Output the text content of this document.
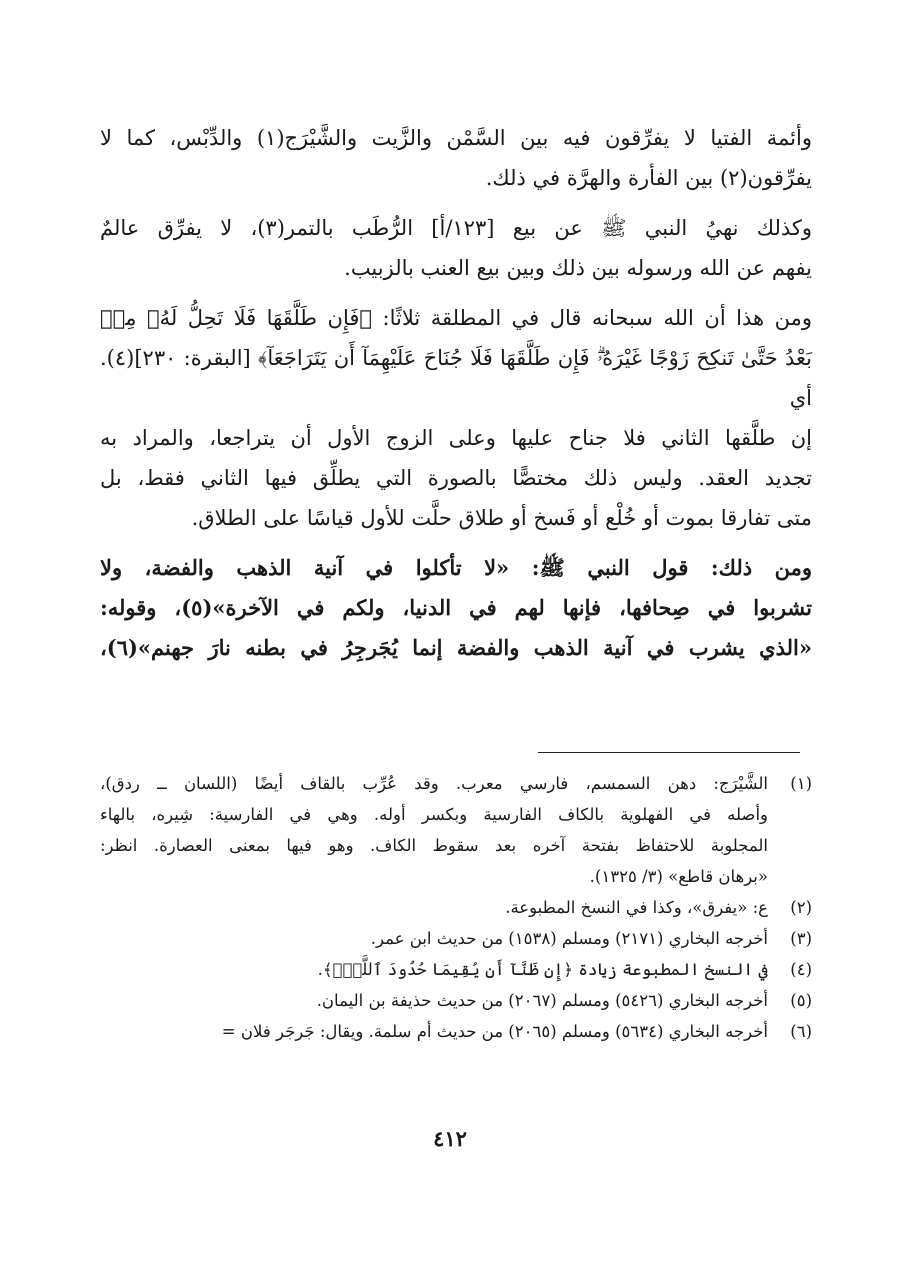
وأئمة الفتيا لا يفرِّقون فيه بين السَّمْن والزَّيت والشَّيْرَج(١) والدِّبْس، كما لا
يفرِّقون(٢) بين الفأرة والهرَّة في ذلك.

وكذلك نهيُ النبي ﷺ عن بيع [١٢٣/أ] الرُّطَب بالتمر(٣)، لا يفرِّق عالمٌ
يفهم عن الله ورسوله بين ذلك وبين بيع العنب بالزبيب.

ومن هذا أن الله سبحانه قال في المطلقة ثلاثًا: ﴿فَإِن طَلَّقَهَا فَلَا تَحِلُّ لَهُۥ مِنۢ
بَعْدُ حَتَّىٰ تَنكِحَ زَوْجًا غَيْرَهُۥۗ فَإِن طَلَّقَهَا فَلَا جُنَاحَ عَلَيْهِمَآ أَن يَتَرَاجَعَآ﴾ [البقرة: ٢٣٠](٤). أي
إن طلَّقها الثاني فلا جناح عليها وعلى الزوج الأول أن يتراجعا، والمراد به
تجديد العقد. وليس ذلك مختصًّا بالصورة التي يطلِّق فيها الثاني فقط، بل
متى تفارقا بموت أو خُلْع أو فَسخ أو طلاق حلَّت للأول قياسًا على الطلاق.

ومن ذلك: قول النبي ﷺ: «لا تأكلوا في آنية الذهب والفضة، ولا
تشربوا في صِحافها، فإنها لهم في الدنيا، ولكم في الآخرة»(٥)، وقوله:
«الذي يشرب في آنية الذهب والفضة إنما يُجَرجِرُ في بطنه نارَ جهنم»(٦)،

(١)
الشَّيْرَج: دهن السمسم، فارسي معرب. وقد عُرِّب بالقاف أيضًا (اللسان ــ ردق)،
وأصله في الفهلوية بالكاف الفارسية وبكسر أوله. وهي في الفارسية: شِيره، بالهاء
المجلوبة للاحتفاظ بفتحة آخره بعد سقوط الكاف. وهو فيها بمعنى العصارة. انظر:
«برهان قاطع» (٣/ ١٣٢٥).
(٢)
ع: «يفرق»، وكذا في النسخ المطبوعة.
(٣)
أخرجه البخاري (٢١٧١) ومسلم (١٥٣٨) من حديث ابن عمر.
(٤)
في النسخ المطبوعة زيادة ﴿إِن ظَنَّآ أَن يُقِيمَا حُدُودَ ٱللَّهِۗ﴾.
(٥)
أخرجه البخاري (٥٤٢٦) ومسلم (٢٠٦٧) من حديث حذيفة بن اليمان.
(٦)
أخرجه البخاري (٥٦٣٤) ومسلم (٢٠٦٥) من حديث أم سلمة. ويقال: جَرجَر فلان =
٤١٢
